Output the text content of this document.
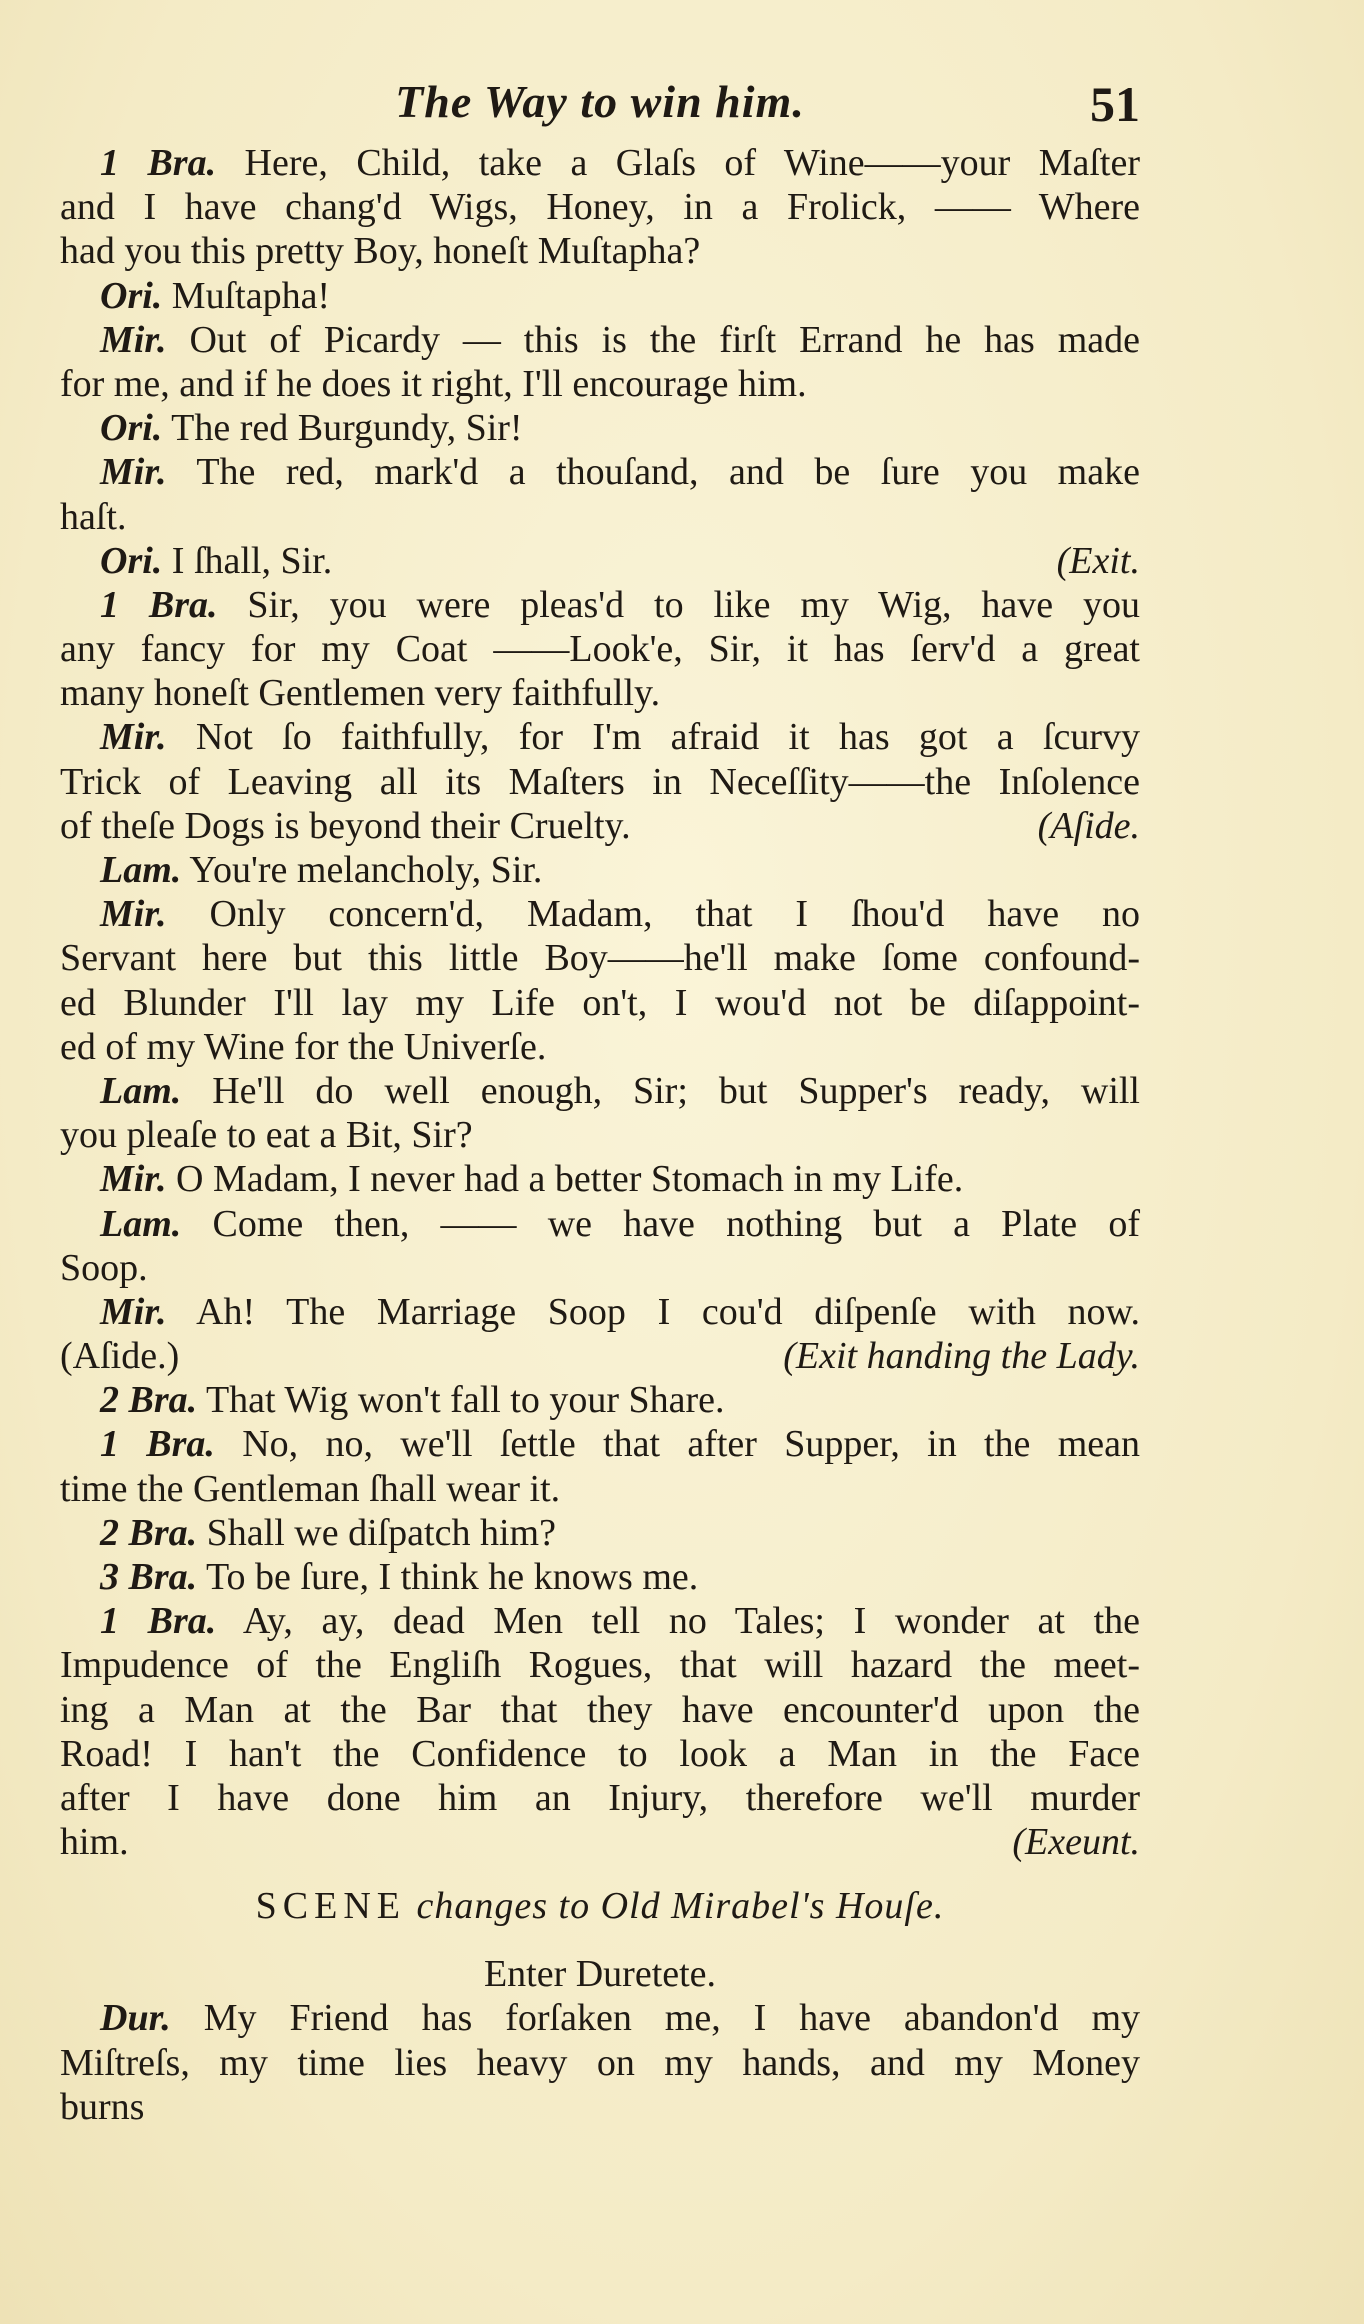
The Way to win him.	51
1 Bra. Here, Child, take a Glaſs of Wine——your Maſter
and I have chang'd Wigs, Honey, in a Frolick, —— Where
had you this pretty Boy, honeſt Muſtapha?
Ori. Muſtapha!
Mir. Out of Picardy — this is the firſt Errand he has made
for me, and if he does it right, I'll encourage him.
Ori. The red Burgundy, Sir!
Mir. The red, mark'd a thouſand, and be ſure you make
haſt.
Ori. I ſhall, Sir.	(Exit.
1 Bra. Sir, you were pleas'd to like my Wig, have you
any fancy for my Coat ——Look'e, Sir, it has ſerv'd a great
many honeſt Gentlemen very faithfully.
Mir. Not ſo faithfully, for I'm afraid it has got a ſcurvy
Trick of Leaving all its Maſters in Neceſſity——the Inſolence
of theſe Dogs is beyond their Cruelty.	(Aſide.
Lam. You're melancholy, Sir.
Mir. Only concern'd, Madam, that I ſhou'd have no
Servant here but this little Boy——he'll make ſome confound-
ed Blunder I'll lay my Life on't, I wou'd not be diſappoint-
ed of my Wine for the Univerſe.
Lam. He'll do well enough, Sir; but Supper's ready, will
you pleaſe to eat a Bit, Sir?
Mir. O Madam, I never had a better Stomach in my Life.
Lam. Come then, —— we have nothing but a Plate of
Soop.
Mir. Ah! The Marriage Soop I cou'd diſpenſe with now.
(Aſide.)	(Exit handing the Lady.
2 Bra. That Wig won't fall to your Share.
1 Bra. No, no, we'll ſettle that after Supper, in the mean
time the Gentleman ſhall wear it.
2 Bra. Shall we diſpatch him?
3 Bra. To be ſure, I think he knows me.
1 Bra. Ay, ay, dead Men tell no Tales; I wonder at the
Impudence of the Engliſh Rogues, that will hazard the meet-
ing a Man at the Bar that they have encounter'd upon the
Road! I han't the Confidence to look a Man in the Face
after I have done him an Injury, therefore we'll murder
him.	(Exeunt.
SCENE changes to Old Mirabel's Houſe.
Enter Duretete.
Dur. My Friend has forſaken me, I have abandon'd my
Miſtreſs, my time lies heavy on my hands, and my Money
burns
